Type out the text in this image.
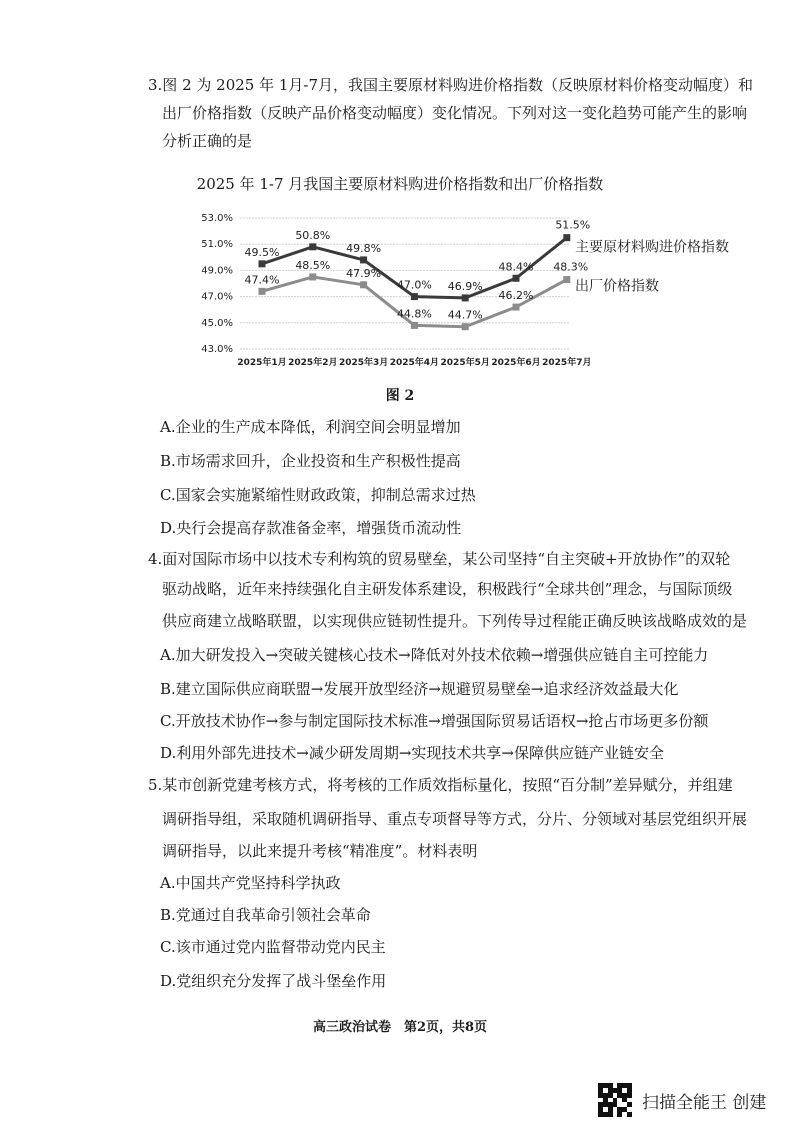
3.图 2 为 2025 年 1月-7月，我国主要原材料购进价格指数（反映原材料价格变动幅度）和
出厂价格指数（反映产品价格变动幅度）变化情况。下列对这一变化趋势可能产生的影响
分析正确的是
2025 年 1-7 月我国主要原材料购进价格指数和出厂价格指数
43.0%
45.0%
47.0%
49.0%
51.0%
53.0%
2025年1月 2025年2月 2025年3月 2025年4月 2025年5月 2025年6月 2025年7月
49.5%
50.8%
49.8%
47.0% 46.9%
48.4%
51.5%
主要原材料购进价格指数
47.4%
48.5%
47.9%
44.8% 44.7%
46.2%
48.3%
出厂价格指数
图 2
A.企业的生产成本降低，利润空间会明显增加
B.市场需求回升，企业投资和生产积极性提高
C.国家会实施紧缩性财政政策，抑制总需求过热
D.央行会提高存款准备金率，增强货币流动性
4.面对国际市场中以技术专利构筑的贸易壁垒，某公司坚持“自主突破+开放协作”的双轮
驱动战略，近年来持续强化自主研发体系建设，积极践行“全球共创”理念，与国际顶级
供应商建立战略联盟，以实现供应链韧性提升。下列传导过程能正确反映该战略成效的是
A.加大研发投入→突破关键核心技术→降低对外技术依赖→增强供应链自主可控能力
B.建立国际供应商联盟→发展开放型经济→规避贸易壁垒→追求经济效益最大化
C.开放技术协作→参与制定国际技术标准→增强国际贸易话语权→抢占市场更多份额
D.利用外部先进技术→减少研发周期→实现技术共享→保障供应链产业链安全
5.某市创新党建考核方式，将考核的工作质效指标量化，按照“百分制”差异赋分，并组建
调研指导组，采取随机调研指导、重点专项督导等方式，分片、分领域对基层党组织开展
调研指导，以此来提升考核“精准度”。材料表明
A.中国共产党坚持科学执政
B.党通过自我革命引领社会革命
C.该市通过党内监督带动党内民主
D.党组织充分发挥了战斗堡垒作用
高三政治试卷　第2页，共8页
扫描全能王 创建
